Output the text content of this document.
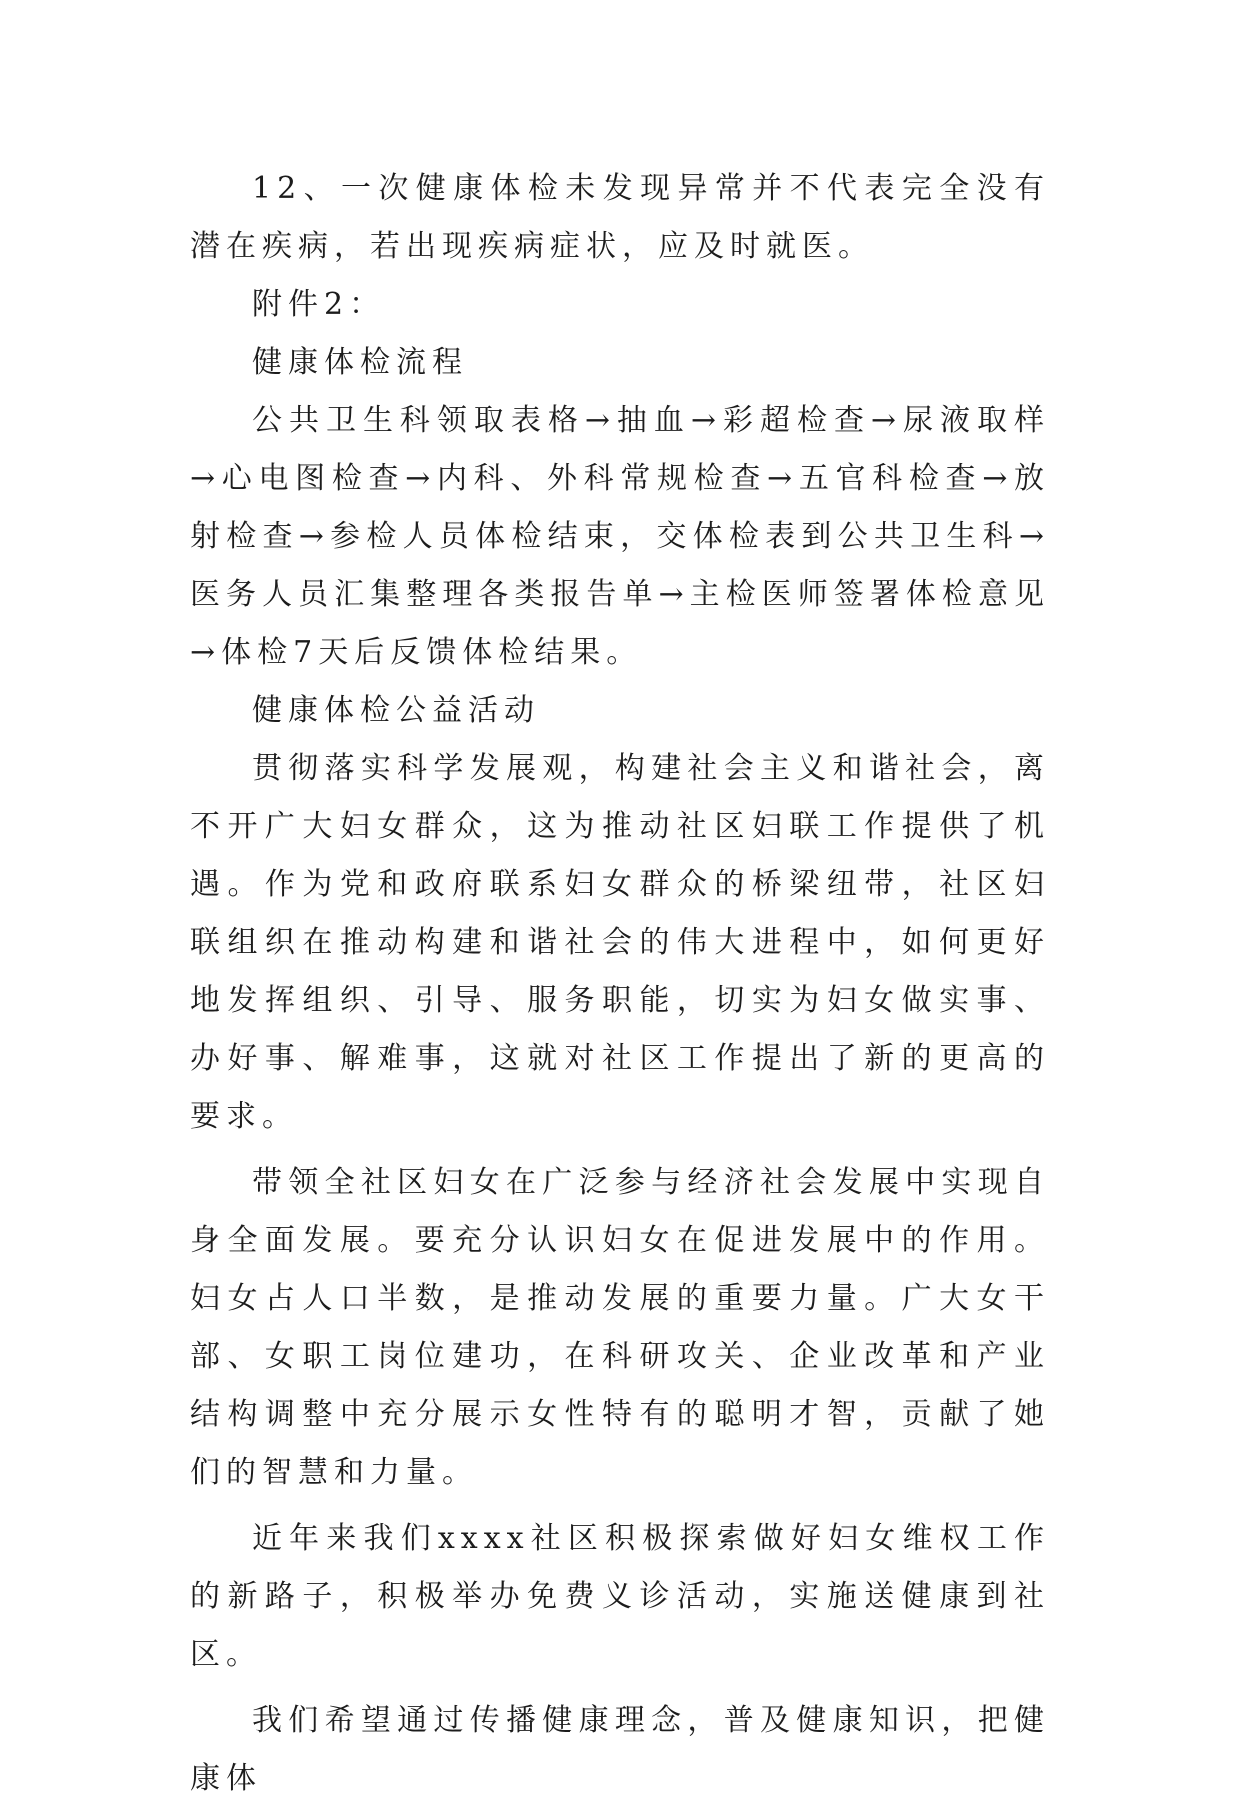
12、一次健康体检未发现异常并不代表完全没有潜在疾病，若出现疾病症状，应及时就医。

附件2：

健康体检流程

公共卫生科领取表格→抽血→彩超检查→尿液取样→心电图检查→内科、外科常规检查→五官科检查→放射检查→参检人员体检结束，交体检表到公共卫生科→医务人员汇集整理各类报告单→主检医师签署体检意见→体检7天后反馈体检结果。

健康体检公益活动

贯彻落实科学发展观，构建社会主义和谐社会，离不开广大妇女群众，这为推动社区妇联工作提供了机遇。作为党和政府联系妇女群众的桥梁纽带，社区妇联组织在推动构建和谐社会的伟大进程中，如何更好地发挥组织、引导、服务职能，切实为妇女做实事、办好事、解难事，这就对社区工作提出了新的更高的要求。

带领全社区妇女在广泛参与经济社会发展中实现自身全面发展。要充分认识妇女在促进发展中的作用。妇女占人口半数，是推动发展的重要力量。广大女干部、女职工岗位建功，在科研攻关、企业改革和产业结构调整中充分展示女性特有的聪明才智，贡献了她们的智慧和力量。

近年来我们xxxx社区积极探索做好妇女维权工作的新路子，积极举办免费义诊活动，实施送健康到社区。

我们希望通过传播健康理念，普及健康知识，把健康体
